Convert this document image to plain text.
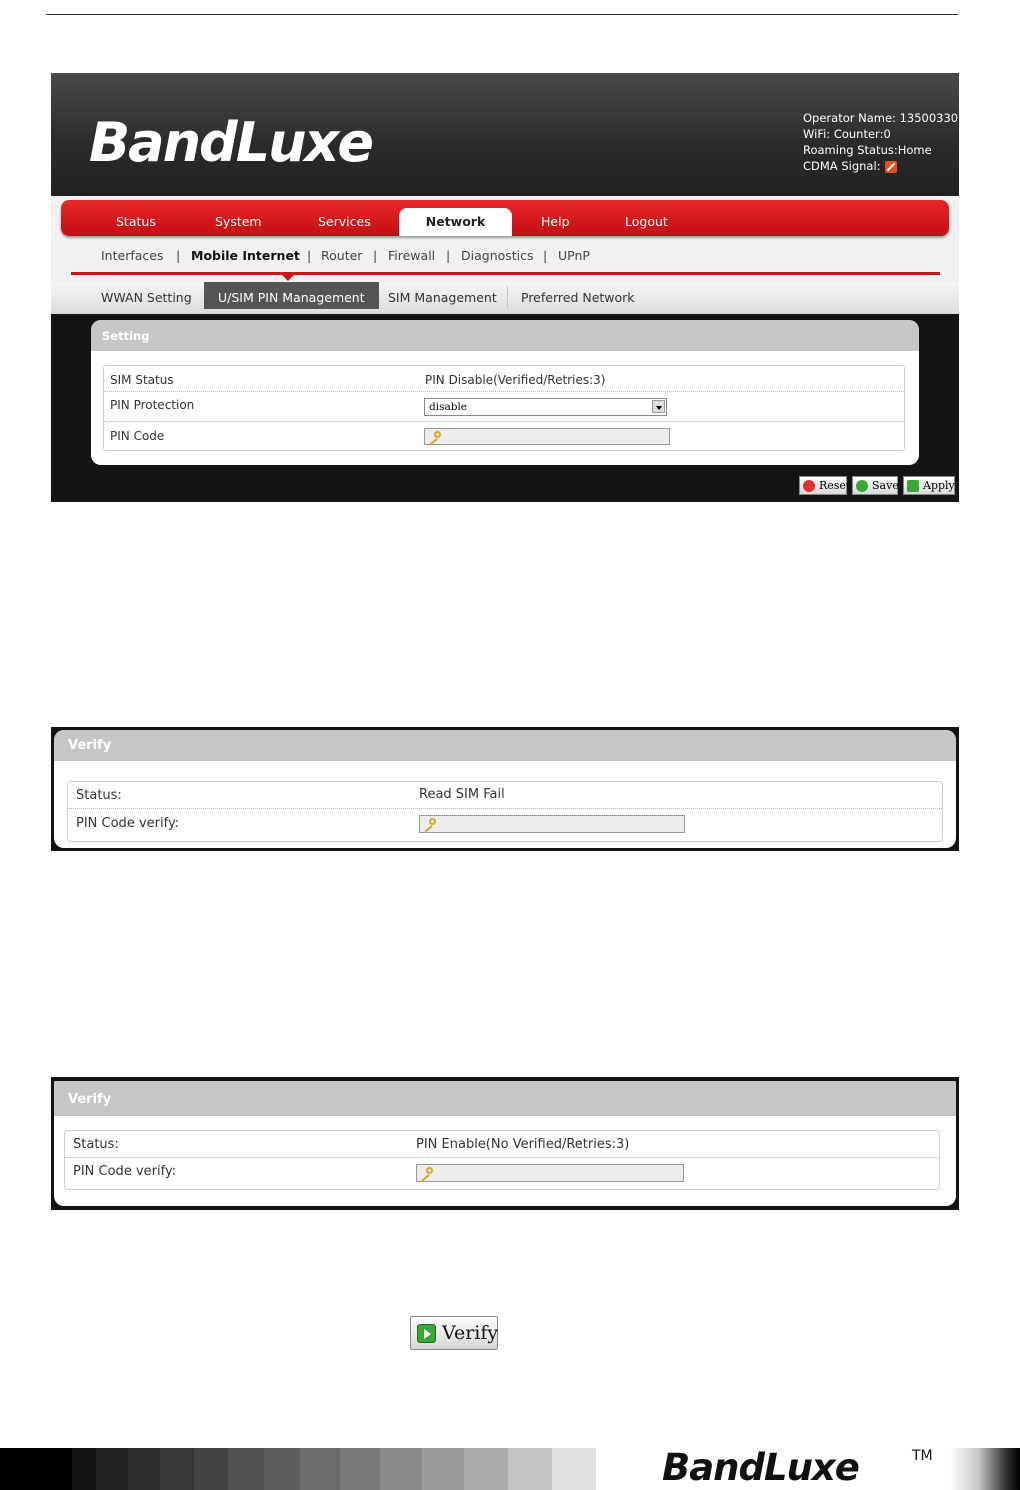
BandLuxe	Operator Name: 13500330
WiFi: Counter:0
Roaming Status:Home
CDMA Signal:
Status	System	Services	Network	Help	Logout
Interfaces | Mobile Internet | Router | Firewall | Diagnostics | UPnP
WWAN Setting	U/SIM PIN Management	SIM Management Preferred Network
Setting
SIM Status	PIN Disable(Verified/Retries:3)
PIN Protection	disable
PIN Code
Reset	Save	Apply
Verify
Status:	Read SIM Fail
PIN Code verify:
Verify
Status:	PIN Enable(No Verified/Retries:3)
PIN Code verify:
Verify
BandLuxe	TM
